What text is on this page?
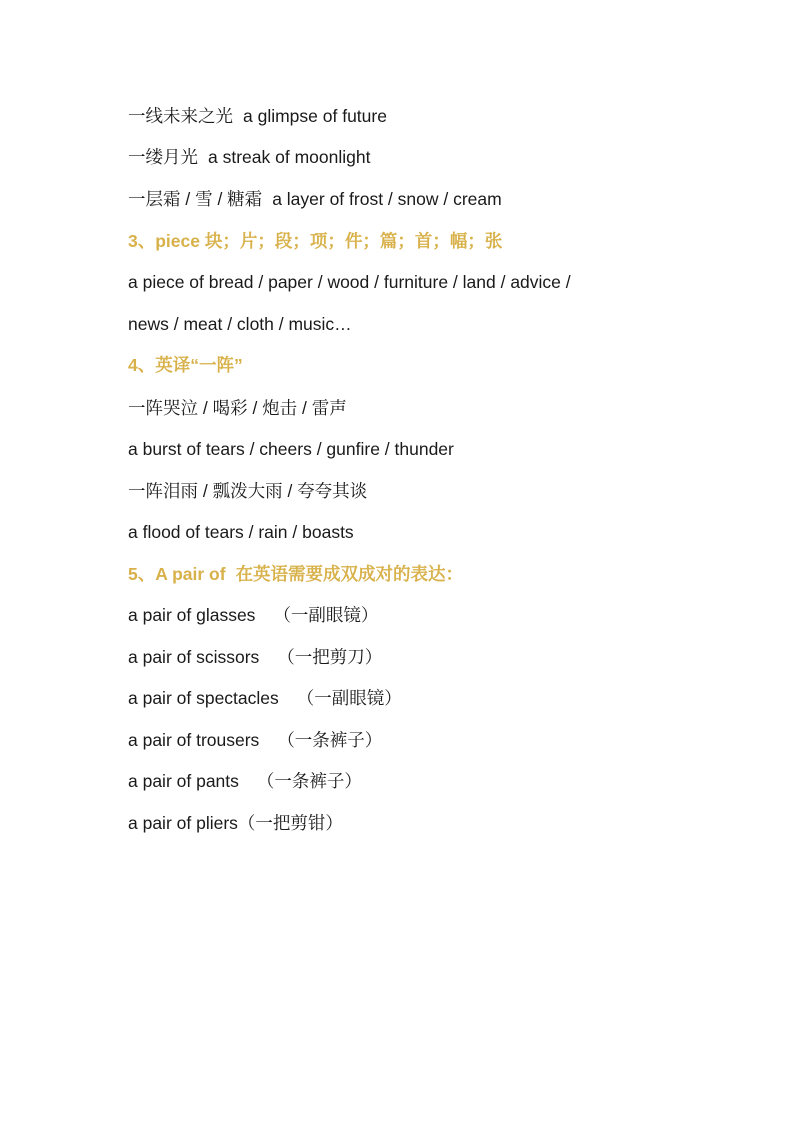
一线未来之光 a glimpse of future
一缕月光 a streak of moonlight
一层霜 / 雪 / 糖霜 a layer of frost / snow / cream
3、piece 块；片；段；项；件；篇；首；幅；张
a piece of bread / paper / wood / furniture / land / advice /
news / meat / cloth / music…
4、英译“一阵”
一阵哭泣 / 喝彩 / 炮击 / 雷声
a burst of tears / cheers / gunfire / thunder
一阵泪雨 / 瓢泼大雨 / 夸夸其谈
a flood of tears / rain / boasts
5、A pair of 在英语需要成双成对的表达：
a pair of glasses （一副眼镜）
a pair of scissors （一把剪刀）
a pair of spectacles （一副眼镜）
a pair of trousers （一条裤子）
a pair of pants （一条裤子）
a pair of pliers（一把剪钳）
